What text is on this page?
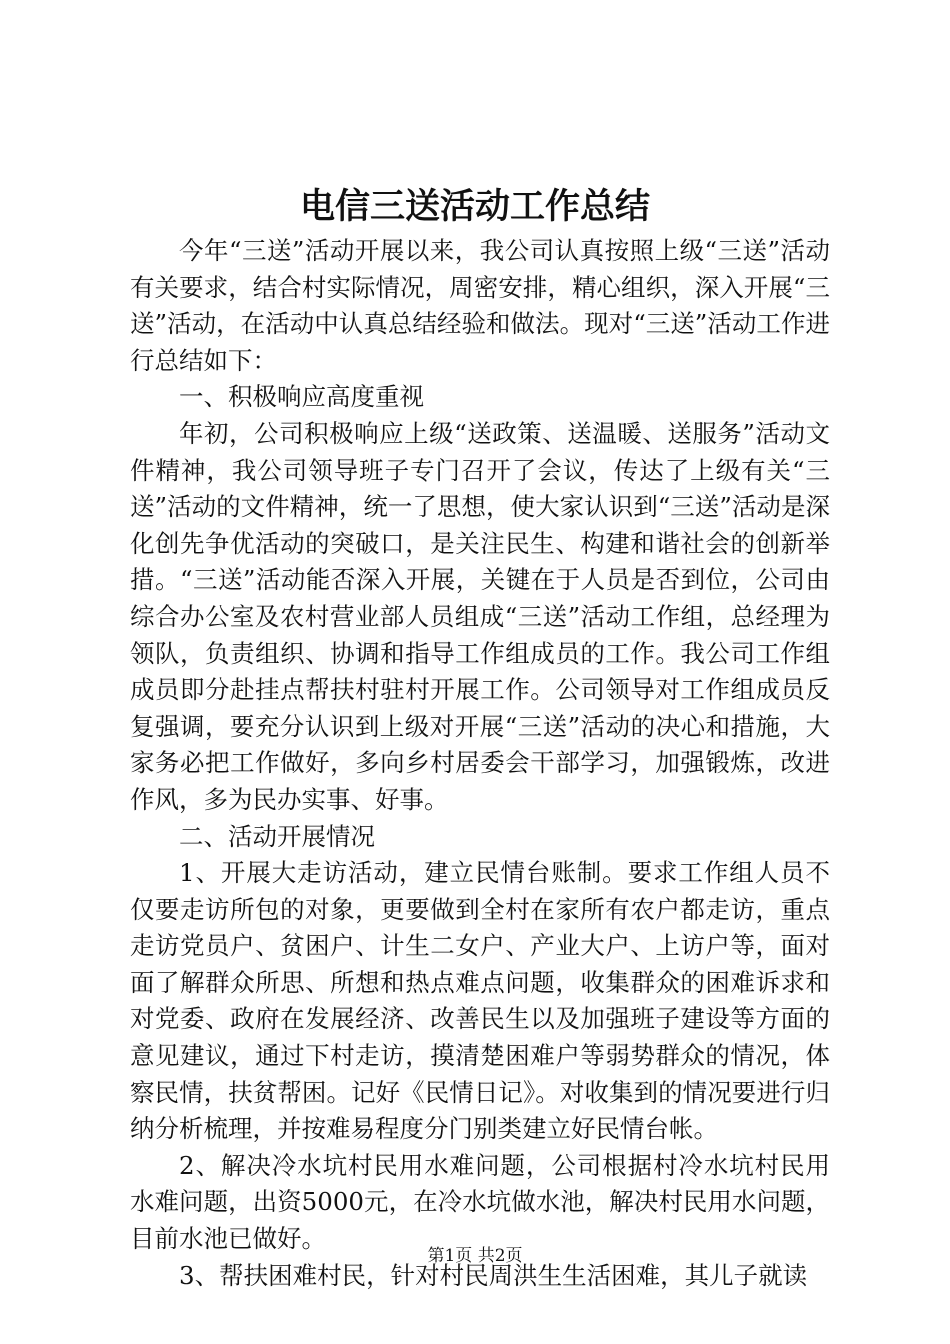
电信三送活动工作总结

今年“三送”活动开展以来，我公司认真按照上级“三送”活动有关要求，结合村实际情况，周密安排，精心组织，深入开展“三送”活动，在活动中认真总结经验和做法。现对“三送”活动工作进行总结如下：

一、积极响应高度重视

年初，公司积极响应上级“送政策、送温暖、送服务”活动文件精神，我公司领导班子专门召开了会议，传达了上级有关“三送”活动的文件精神，统一了思想，使大家认识到“三送”活动是深化创先争优活动的突破口，是关注民生、构建和谐社会的创新举措。“三送”活动能否深入开展，关键在于人员是否到位，公司由综合办公室及农村营业部人员组成“三送”活动工作组，总经理为领队，负责组织、协调和指导工作组成员的工作。我公司工作组成员即分赴挂点帮扶村驻村开展工作。公司领导对工作组成员反复强调，要充分认识到上级对开展“三送”活动的决心和措施，大家务必把工作做好，多向乡村居委会干部学习，加强锻炼，改进作风，多为民办实事、好事。

二、活动开展情况

1、开展大走访活动，建立民情台账制。要求工作组人员不仅要走访所包的对象，更要做到全村在家所有农户都走访，重点走访党员户、贫困户、计生二女户、产业大户、上访户等，面对面了解群众所思、所想和热点难点问题，收集群众的困难诉求和对党委、政府在发展经济、改善民生以及加强班子建设等方面的意见建议，通过下村走访，摸清楚困难户等弱势群众的情况，体察民情，扶贫帮困。记好《民情日记》。对收集到的情况要进行归纳分析梳理，并按难易程度分门别类建立好民情台帐。

2、解决冷水坑村民用水难问题，公司根据村冷水坑村民用水难问题，出资5000元，在冷水坑做水池，解决村民用水问题，目前水池已做好。

3、帮扶困难村民，针对村民周洪生生活困难，其儿子就读

第1页 共2页
